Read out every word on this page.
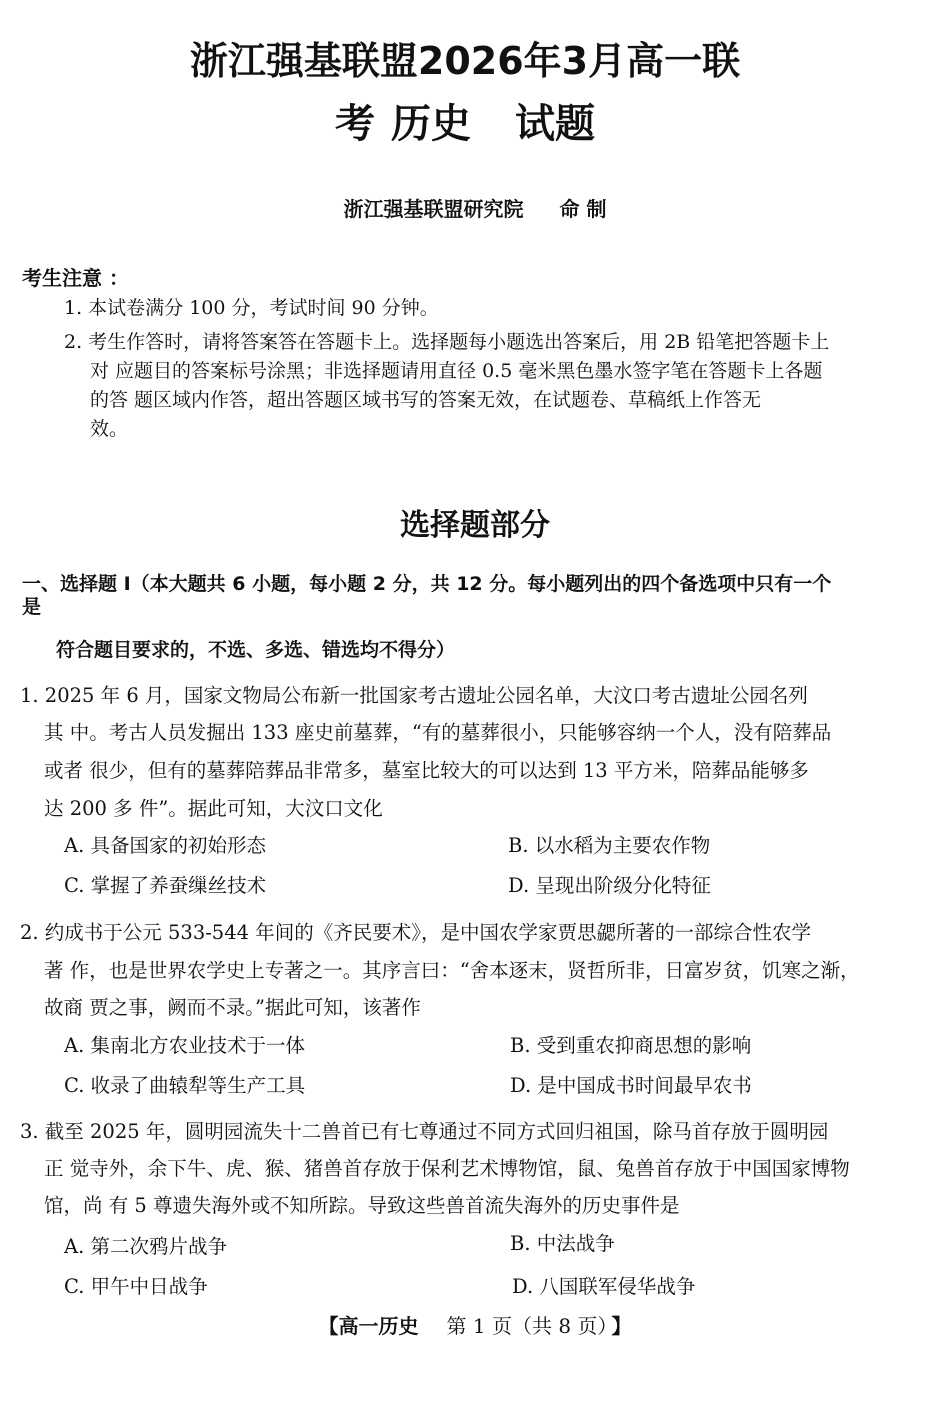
浙江强基联盟2026年3月高一联
考 历史 试题
浙江强基联盟研究院 命 制
考生注意 ：
1. 本试卷满分 100 分，考试时间 90 分钟。
2. 考生作答时，请将答案答在答题卡上。选择题每小题选出答案后，用 2B 铅笔把答题卡上
对 应题目的答案标号涂黑；非选择题请用直径 0.5 毫米黑色墨水签字笔在答题卡上各题
的答 题区域内作答，超出答题区域书写的答案无效，在试题卷、草稿纸上作答无
效。
选择题部分
一、选择题 I（本大题共 6 小题，每小题 2 分，共 12 分。每小题列出的四个备选项中只有一个
是
符合题目要求的，不选、多选、错选均不得分）
1. 2025 年 6 月，国家文物局公布新一批国家考古遗址公园名单，大汶口考古遗址公园名列
其 中。考古人员发掘出 133 座史前墓葬，“有的墓葬很小，只能够容纳一个人，没有陪葬品
或者 很少，但有的墓葬陪葬品非常多，墓室比较大的可以达到 13 平方米，陪葬品能够多
达 200 多 件”。据此可知，大汶口文化
A. 具备国家的初始形态	B. 以水稻为主要农作物
C. 掌握了养蚕缫丝技术	D. 呈现出阶级分化特征
2. 约成书于公元 533-544 年间的《齐民要术》，是中国农学家贾思勰所著的一部综合性农学
著 作，也是世界农学史上专著之一。其序言曰：“舍本逐末，贤哲所非，日富岁贫，饥寒之渐，
故商 贾之事，阙而不录。”据此可知，该著作
A. 集南北方农业技术于一体	B. 受到重农抑商思想的影响
C. 收录了曲辕犁等生产工具	D. 是中国成书时间最早农书
3. 截至 2025 年，圆明园流失十二兽首已有七尊通过不同方式回归祖国，除马首存放于圆明园
正 觉寺外，余下牛、虎、猴、猪兽首存放于保利艺术博物馆，鼠、兔兽首存放于中国国家博物
馆，尚 有 5 尊遗失海外或不知所踪。导致这些兽首流失海外的历史事件是
A. 第二次鸦片战争	B. 中法战争
C. 甲午中日战争	D. 八国联军侵华战争
【高一历史 第 1 页（共 8 页） 】
